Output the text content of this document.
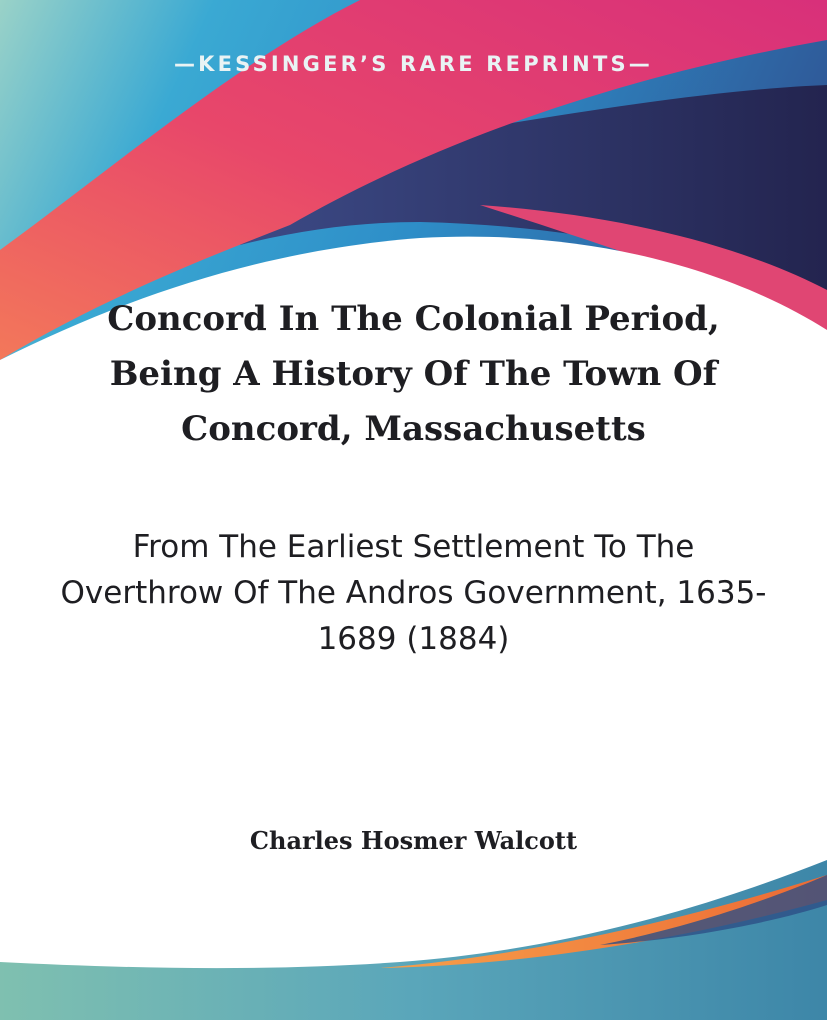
—KESSINGER’S RARE REPRINTS—
Concord In The Colonial Period, Being A History Of The Town Of Concord, Massachusetts

From The Earliest Settlement To The Overthrow Of The Andros Government, 1635-1689 (1884)

Charles Hosmer Walcott
